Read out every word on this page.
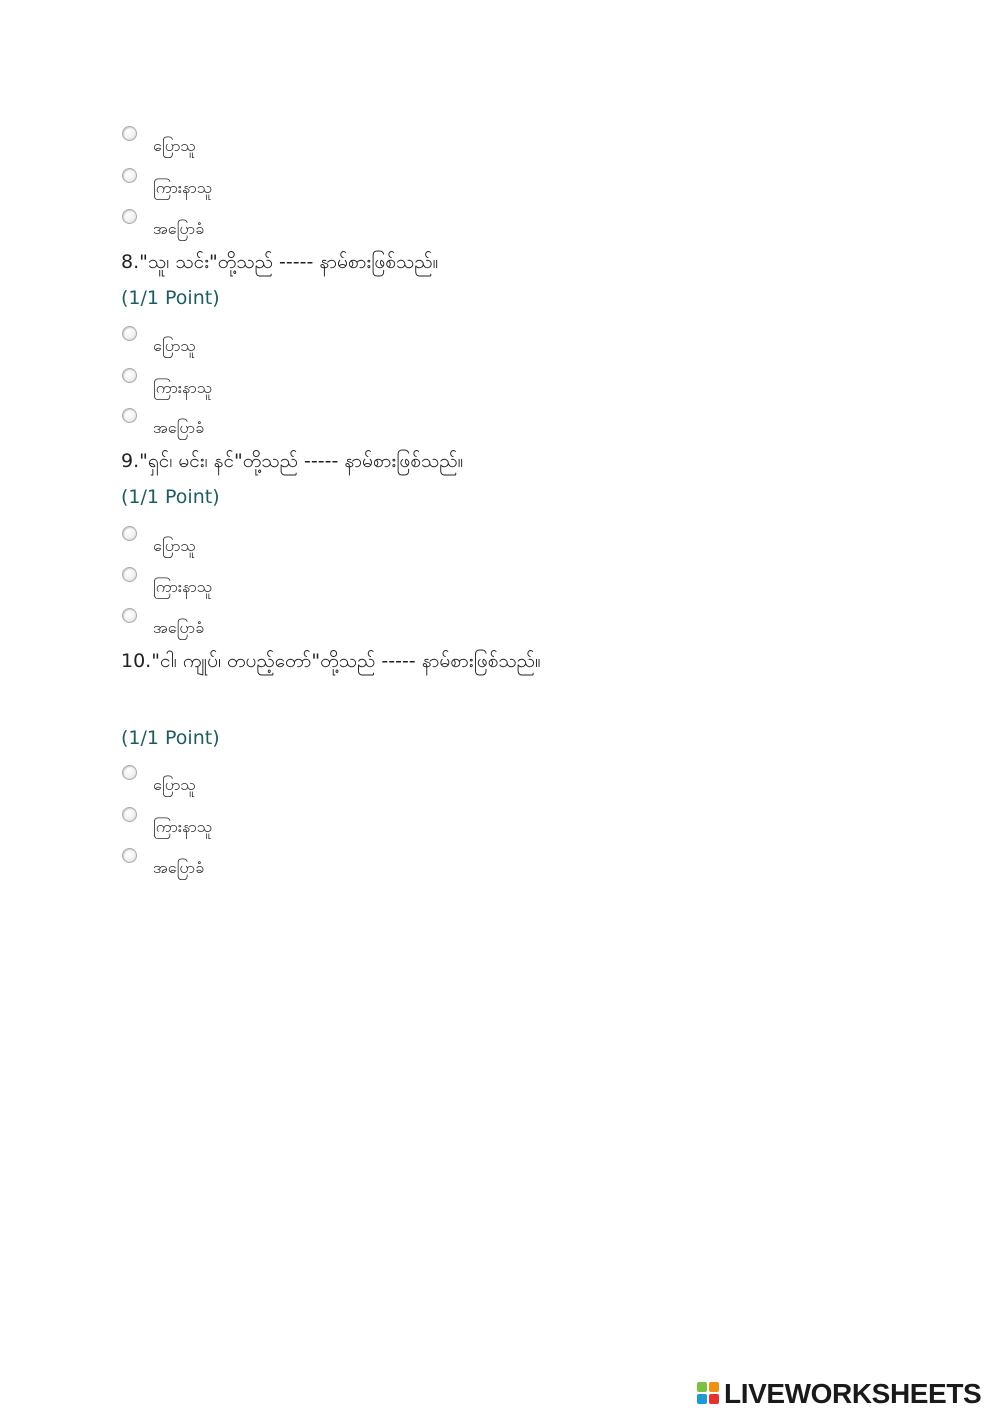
ပြောသူ
ကြားနာသူ
အပြောခံ
8."သူ၊ သင်း"တို့သည် ----- နာမ်စားဖြစ်သည်။
(1/1 Point)
ပြောသူ
ကြားနာသူ
အပြောခံ
9."ရှင်၊ မင်း၊ နင်"တို့သည် ----- နာမ်စားဖြစ်သည်။
(1/1 Point)
ပြောသူ
ကြားနာသူ
အပြောခံ
10."ငါ၊ ကျုပ်၊ တပည့်တော်"တို့သည် ----- နာမ်စားဖြစ်သည်။
(1/1 Point)
ပြောသူ
ကြားနာသူ
အပြောခံ
LIVEWORKSHEETS
